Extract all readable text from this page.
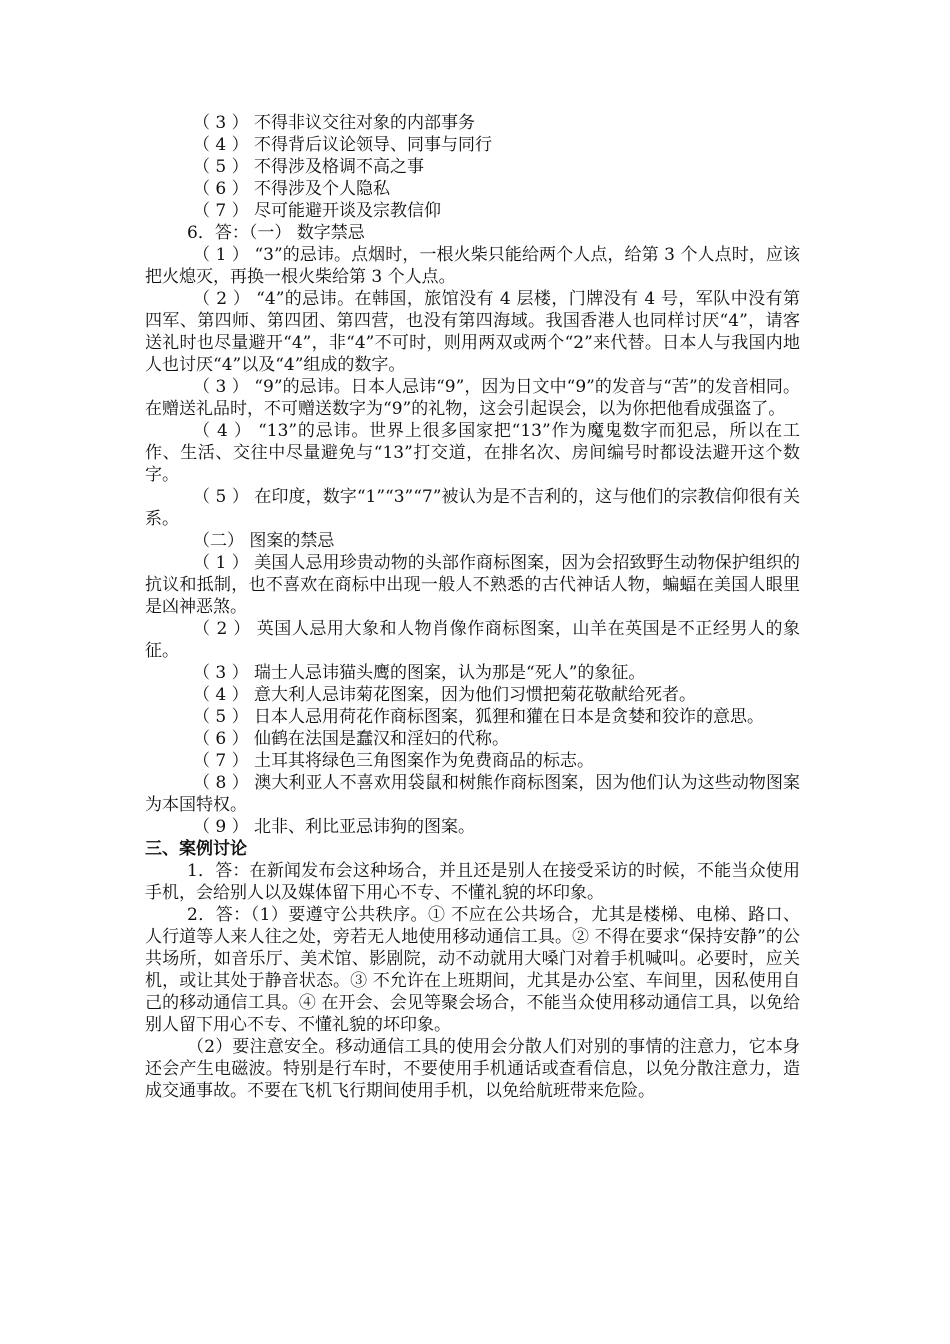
（ 3 ） 不得非议交往对象的内部事务
（ 4 ） 不得背后议论领导、同事与同行
（ 5 ） 不得涉及格调不高之事
（ 6 ） 不得涉及个人隐私
（ 7 ） 尽可能避开谈及宗教信仰
6．答：（一） 数字禁忌

（ 1 ） “3”的忌讳。点烟时，一根火柴只能给两个人点，给第 3 个人点时，应该把火熄灭，再换一根火柴给第 3 个人点。

（ 2 ） “4”的忌讳。在韩国，旅馆没有 4 层楼，门牌没有 4 号，军队中没有第四军、第四师、第四团、第四营，也没有第四海域。我国香港人也同样讨厌“4”，请客送礼时也尽量避开“4”，非“4”不可时，则用两双或两个“2”来代替。日本人与我国内地人也讨厌“4”以及“4”组成的数字。

（ 3 ） “9”的忌讳。日本人忌讳“9”，因为日文中“9”的发音与“苦”的发音相同。在赠送礼品时，不可赠送数字为“9”的礼物，这会引起误会，以为你把他看成强盗了。

（ 4 ） “13”的忌讳。世界上很多国家把“13”作为魔鬼数字而犯忌，所以在工作、生活、交往中尽量避免与“13”打交道，在排名次、房间编号时都设法避开这个数字。

（ 5 ） 在印度，数字“1”“3”“7”被认为是不吉利的，这与他们的宗教信仰很有关系。

（二） 图案的禁忌

（ 1 ） 美国人忌用珍贵动物的头部作商标图案，因为会招致野生动物保护组织的抗议和抵制，也不喜欢在商标中出现一般人不熟悉的古代神话人物，蝙蝠在美国人眼里是凶神恶煞。

（ 2 ） 英国人忌用大象和人物肖像作商标图案，山羊在英国是不正经男人的象征。

（ 3 ） 瑞士人忌讳猫头鹰的图案，认为那是“死人”的象征。

（ 4 ） 意大利人忌讳菊花图案，因为他们习惯把菊花敬献给死者。

（ 5 ） 日本人忌用荷花作商标图案，狐狸和獾在日本是贪婪和狡诈的意思。

（ 6 ） 仙鹤在法国是蠢汉和淫妇的代称。

（ 7 ） 土耳其将绿色三角图案作为免费商品的标志。

（ 8 ） 澳大利亚人不喜欢用袋鼠和树熊作商标图案，因为他们认为这些动物图案为本国特权。

（ 9 ） 北非、利比亚忌讳狗的图案。

三、案例讨论

1．答：在新闻发布会这种场合，并且还是别人在接受采访的时候，不能当众使用手机，会给别人以及媒体留下用心不专、不懂礼貌的坏印象。

2．答：（1）要遵守公共秩序。① 不应在公共场合，尤其是楼梯、电梯、路口、人行道等人来人往之处，旁若无人地使用移动通信工具。② 不得在要求“保持安静”的公共场所，如音乐厅、美术馆、影剧院，动不动就用大嗓门对着手机喊叫。必要时，应关机，或让其处于静音状态。③ 不允许在上班期间，尤其是办公室、车间里，因私使用自己的移动通信工具。④ 在开会、会见等聚会场合，不能当众使用移动通信工具，以免给别人留下用心不专、不懂礼貌的坏印象。

（2）要注意安全。移动通信工具的使用会分散人们对别的事情的注意力，它本身还会产生电磁波。特别是行车时，不要使用手机通话或查看信息，以免分散注意力，造成交通事故。不要在飞机飞行期间使用手机，以免给航班带来危险。
